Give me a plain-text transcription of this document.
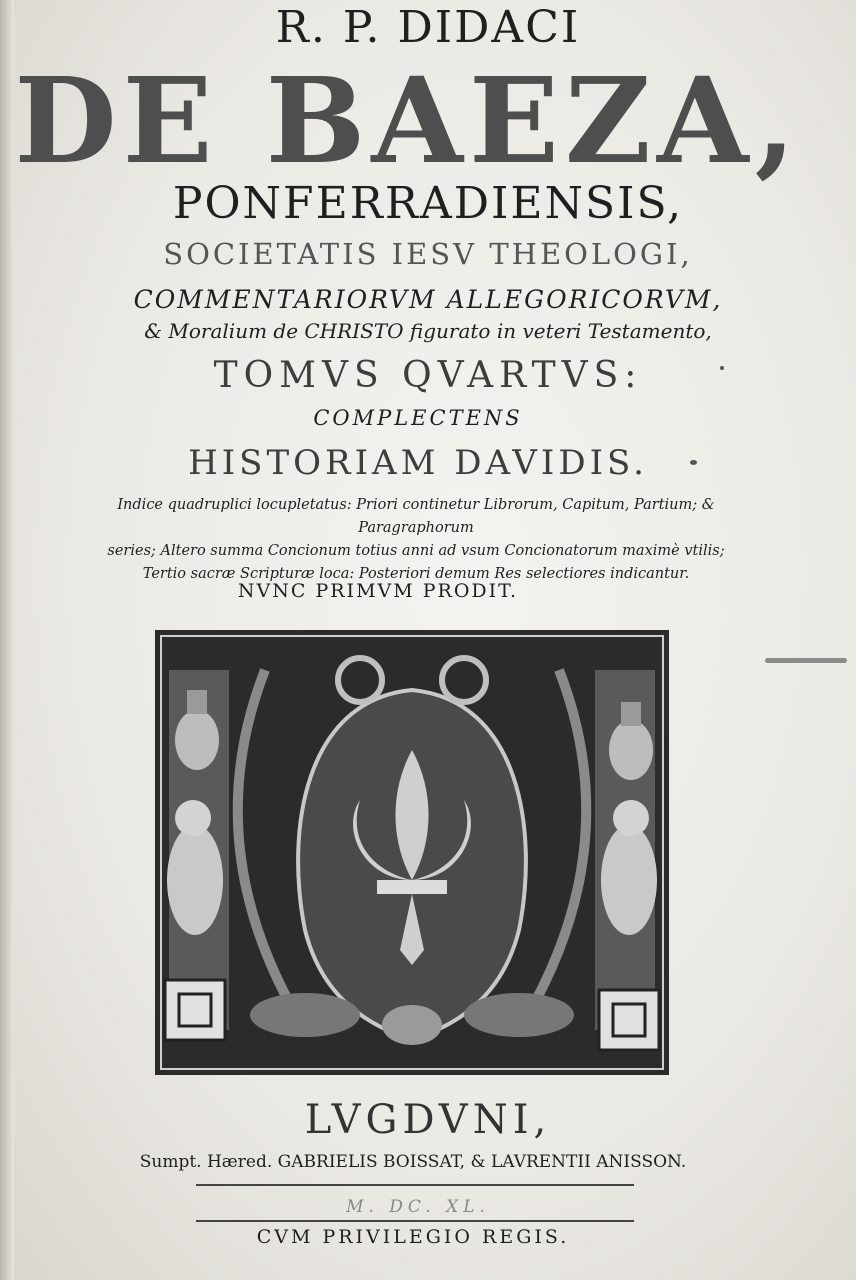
R. P. DIDACI
DE BAEZA,
PONFERRADIENSIS,
SOCIETATIS IESV THEOLOGI,
COMMENTARIORVM ALLEGORICORVM,
& Moralium de CHRISTO figurato in veteri Testamento,
TOMVS QVARTVS:
COMPLECTENS
HISTORIAM DAVIDIS.
Indice quadruplici locupletatus: Priori continetur Librorum, Capitum, Partium; & Paragraphorum
series; Altero summa Concionum totius anni ad vsum Concionatorum maximè vtilis;
Tertio sacræ Scripturæ loca: Posteriori demum Res selectiores indicantur.
NVNC PRIMVM PRODIT.
LVGDVNI,
Sumpt. Hæred. GABRIELIS BOISSAT, & LAVRENTII ANISSON.
M. DC. XL.
CVM PRIVILEGIO REGIS.
